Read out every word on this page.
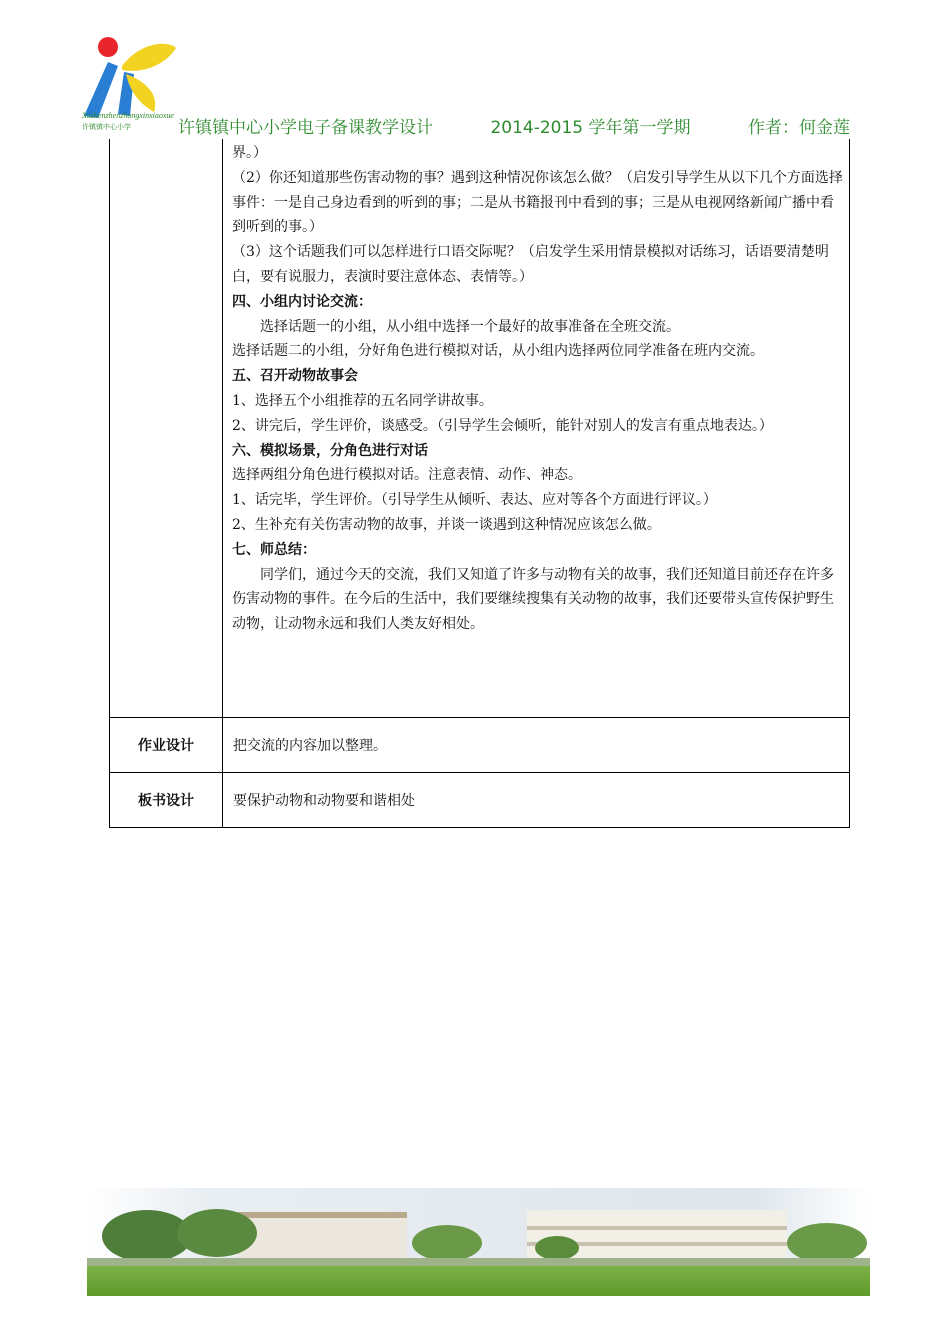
Xuzhenzhenzhongxinxiaoxue
许镇镇中心小学	许镇镇中心小学电子备课教学设计	2014-2015 学年第一学期	作者：何金莲

界。）

（2）你还知道那些伤害动物的事？遇到这种情况你该怎么做？（启发引导学生从以下几个方面选择事件：一是自己身边看到的听到的事；二是从书籍报刊中看到的事；三是从电视网络新闻广播中看到听到的事。）

（3）这个话题我们可以怎样进行口语交际呢？（启发学生采用情景模拟对话练习，话语要清楚明白，要有说服力，表演时要注意体态、表情等。）

四、小组内讨论交流：

选择话题一的小组，从小组中选择一个最好的故事准备在全班交流。

选择话题二的小组，分好角色进行模拟对话，从小组内选择两位同学准备在班内交流。

五、召开动物故事会

1、选择五个小组推荐的五名同学讲故事。

2、讲完后，学生评价，谈感受。（引导学生会倾听，能针对别人的发言有重点地表达。）

六、模拟场景，分角色进行对话

选择两组分角色进行模拟对话。注意表情、动作、神态。

1、话完毕，学生评价。（引导学生从倾听、表达、应对等各个方面进行评议。）

2、生补充有关伤害动物的故事，并谈一谈遇到这种情况应该怎么做。

七、师总结：

同学们，通过今天的交流，我们又知道了许多与动物有关的故事，我们还知道目前还存在许多伤害动物的事件。在今后的生活中，我们要继续搜集有关动物的故事，我们还要带头宣传保护野生动物，让动物永远和我们人类友好相处。

作业设计	把交流的内容加以整理。
板书设计	要保护动物和动物要和谐相处
